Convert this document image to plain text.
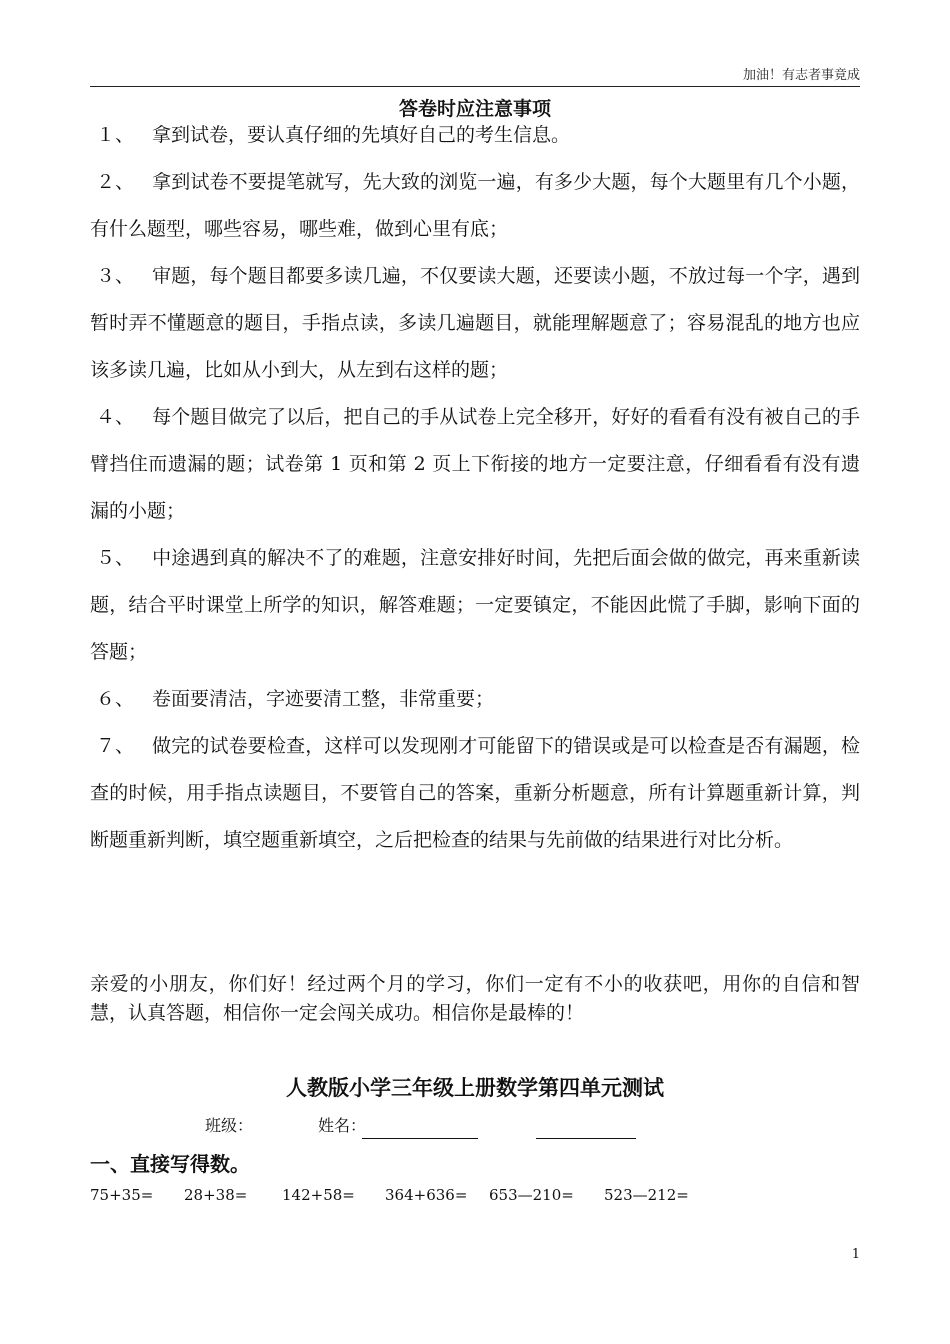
加油！有志者事竟成
答卷时应注意事项

１、 拿到试卷，要认真仔细的先填好自己的考生信息。

２、 拿到试卷不要提笔就写，先大致的浏览一遍，有多少大题，每个大题里有几个小题，有什么题型，哪些容易，哪些难，做到心里有底；

３、 审题，每个题目都要多读几遍，不仅要读大题，还要读小题，不放过每一个字，遇到暂时弄不懂题意的题目，手指点读，多读几遍题目，就能理解题意了；容易混乱的地方也应该多读几遍，比如从小到大，从左到右这样的题；

４、 每个题目做完了以后，把自己的手从试卷上完全移开，好好的看看有没有被自己的手臂挡住而遗漏的题；试卷第 1 页和第 2 页上下衔接的地方一定要注意，仔细看看有没有遗漏的小题；

５、 中途遇到真的解决不了的难题，注意安排好时间，先把后面会做的做完，再来重新读题，结合平时课堂上所学的知识，解答难题；一定要镇定，不能因此慌了手脚，影响下面的答题；

６、 卷面要清洁，字迹要清工整，非常重要；

７、 做完的试卷要检查，这样可以发现刚才可能留下的错误或是可以检查是否有漏题，检查的时候，用手指点读题目，不要管自己的答案，重新分析题意，所有计算题重新计算，判断题重新判断，填空题重新填空，之后把检查的结果与先前做的结果进行对比分析。

亲爱的小朋友，你们好！经过两个月的学习，你们一定有不小的收获吧，用你的自信和智慧，认真答题，相信你一定会闯关成功。相信你是最棒的！
人教版小学三年级上册数学第四单元测试
班级：	姓名：
一、直接写得数。
75+35= 28+38= 142+58= 364+636= 653—210= 523—212=
1
